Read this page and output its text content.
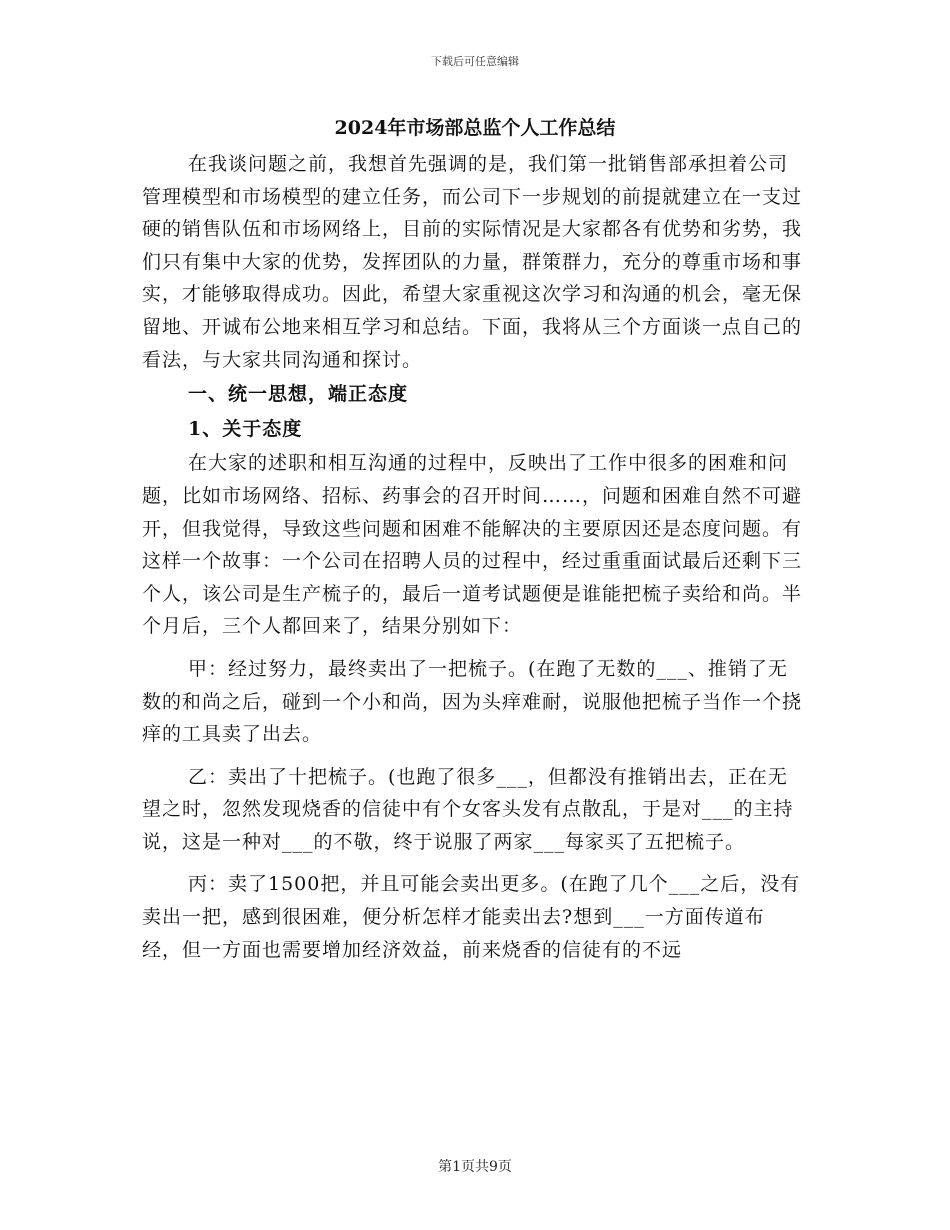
下载后可任意编辑
2024年市场部总监个人工作总结

在我谈问题之前，我想首先强调的是，我们第一批销售部承担着公司管理模型和市场模型的建立任务，而公司下一步规划的前提就建立在一支过硬的销售队伍和市场网络上，目前的实际情况是大家都各有优势和劣势，我们只有集中大家的优势，发挥团队的力量，群策群力，充分的尊重市场和事实，才能够取得成功。因此，希望大家重视这次学习和沟通的机会，毫无保留地、开诚布公地来相互学习和总结。下面，我将从三个方面谈一点自己的看法，与大家共同沟通和探讨。

一、统一思想，端正态度

1、关于态度

在大家的述职和相互沟通的过程中，反映出了工作中很多的困难和问题，比如市场网络、招标、药事会的召开时间……，问题和困难自然不可避开，但我觉得，导致这些问题和困难不能解决的主要原因还是态度问题。有这样一个故事：一个公司在招聘人员的过程中，经过重重面试最后还剩下三个人，该公司是生产梳子的，最后一道考试题便是谁能把梳子卖给和尚。半个月后，三个人都回来了，结果分别如下：

甲：经过努力，最终卖出了一把梳子。(在跑了无数的___、推销了无数的和尚之后，碰到一个小和尚，因为头痒难耐，说服他把梳子当作一个挠痒的工具卖了出去。

乙：卖出了十把梳子。(也跑了很多___，但都没有推销出去，正在无望之时，忽然发现烧香的信徒中有个女客头发有点散乱，于是对___的主持说，这是一种对___的不敬，终于说服了两家___每家买了五把梳子。

丙：卖了1500把，并且可能会卖出更多。(在跑了几个___之后，没有卖出一把，感到很困难，便分析怎样才能卖出去?想到___一方面传道布经，但一方面也需要增加经济效益，前来烧香的信徒有的不远

第1页共9页
